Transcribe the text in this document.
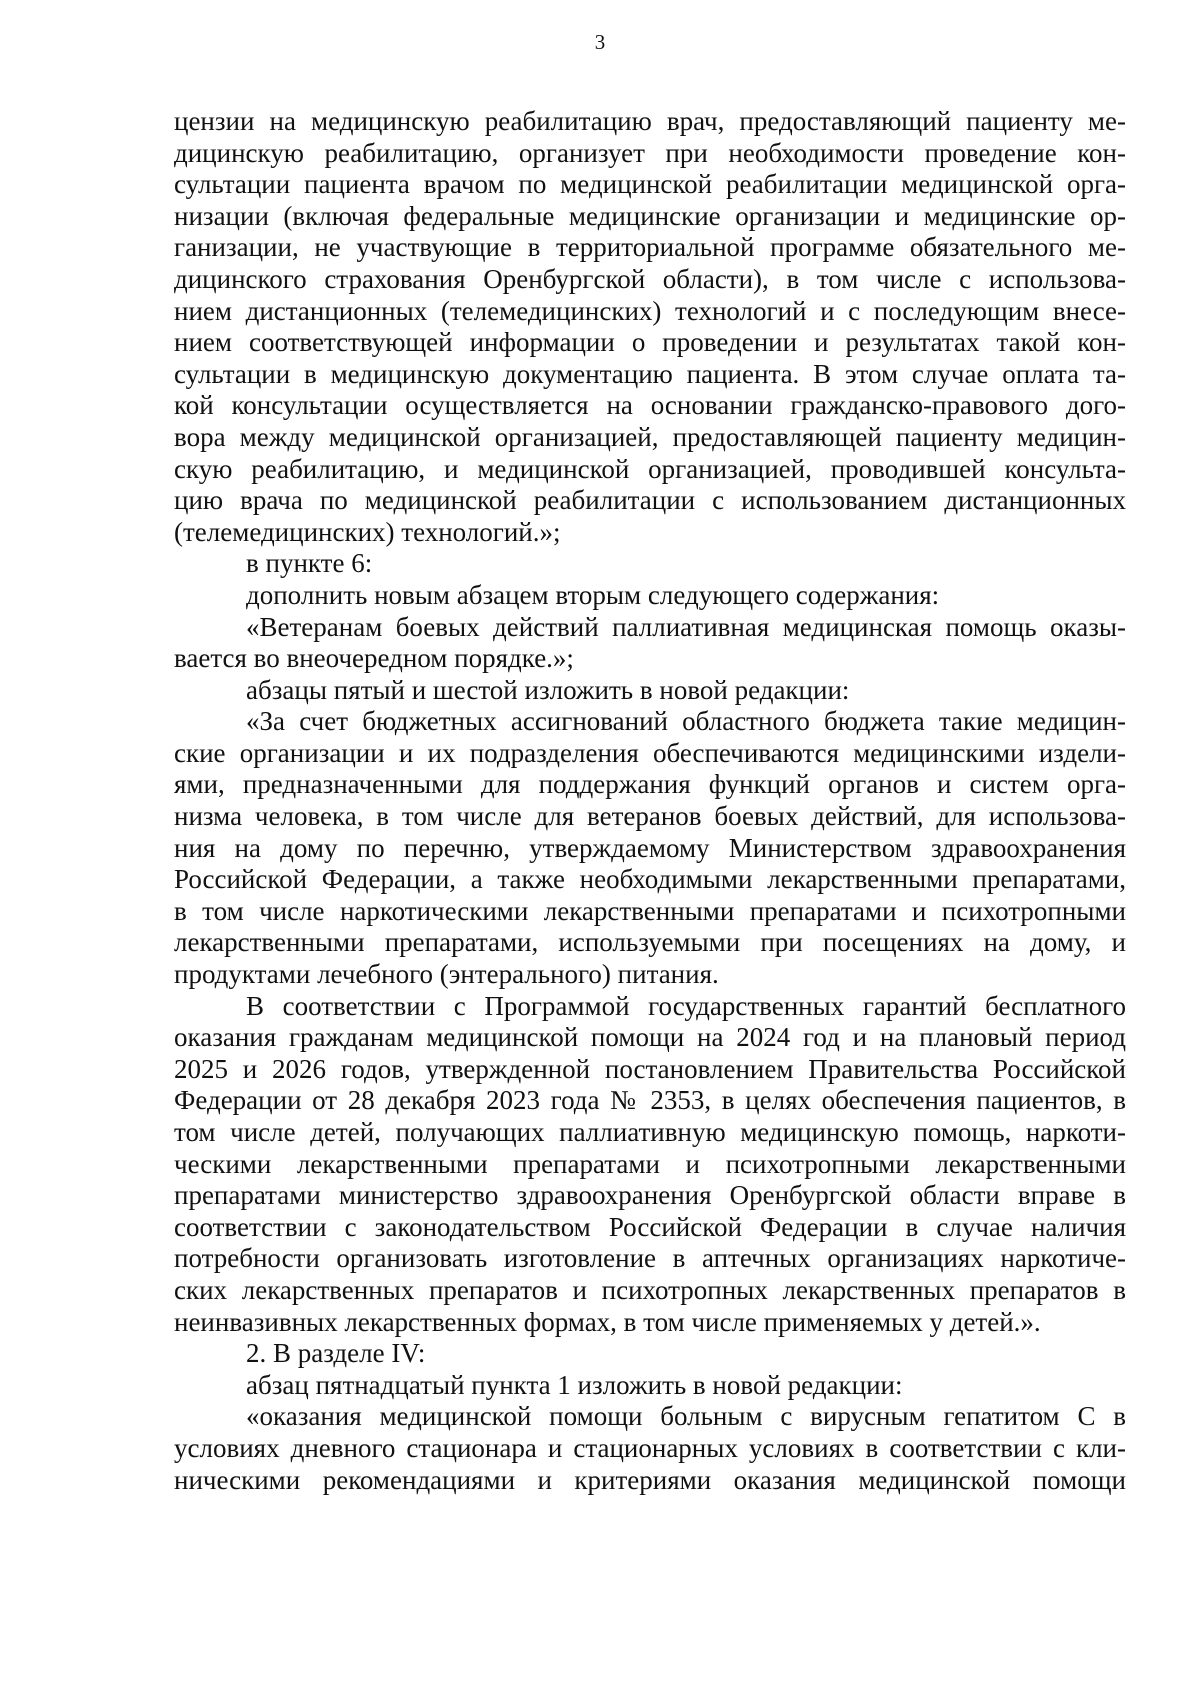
3
цензии на медицинскую реабилитацию врач, предоставляющий пациенту ме-
дицинскую реабилитацию, организует при необходимости проведение кон-
сультации пациента врачом по медицинской реабилитации медицинской орга-
низации (включая федеральные медицинские организации и медицинские ор-
ганизации, не участвующие в территориальной программе обязательного ме-
дицинского страхования Оренбургской области), в том числе с использова-
нием дистанционных (телемедицинских) технологий и с последующим внесе-
нием соответствующей информации о проведении и результатах такой кон-
сультации в медицинскую документацию пациента. В этом случае оплата та-
кой консультации осуществляется на основании гражданско-правового дого-
вора между медицинской организацией, предоставляющей пациенту медицин-
скую реабилитацию, и медицинской организацией, проводившей консульта-
цию врача по медицинской реабилитации с использованием дистанционных
(телемедицинских) технологий.»;
в пункте 6:
дополнить новым абзацем вторым следующего содержания:
«Ветеранам боевых действий паллиативная медицинская помощь оказы-
вается во внеочередном порядке.»;
абзацы пятый и шестой изложить в новой редакции:
«За счет бюджетных ассигнований областного бюджета такие медицин-
ские организации и их подразделения обеспечиваются медицинскими издели-
ями, предназначенными для поддержания функций органов и систем орга-
низма человека, в том числе для ветеранов боевых действий, для использова-
ния на дому по перечню, утверждаемому Министерством здравоохранения
Российской Федерации, а также необходимыми лекарственными препаратами,
в том числе наркотическими лекарственными препаратами и психотропными
лекарственными препаратами, используемыми при посещениях на дому, и
продуктами лечебного (энтерального) питания.
В соответствии с Программой государственных гарантий бесплатного
оказания гражданам медицинской помощи на 2024 год и на плановый период
2025 и 2026 годов, утвержденной постановлением Правительства Российской
Федерации от 28 декабря 2023 года № 2353, в целях обеспечения пациентов, в
том числе детей, получающих паллиативную медицинскую помощь, наркоти-
ческими лекарственными препаратами и психотропными лекарственными
препаратами министерство здравоохранения Оренбургской области вправе в
соответствии с законодательством Российской Федерации в случае наличия
потребности организовать изготовление в аптечных организациях наркотиче-
ских лекарственных препаратов и психотропных лекарственных препаратов в
неинвазивных лекарственных формах, в том числе применяемых у детей.».
2. В разделе IV:
абзац пятнадцатый пункта 1 изложить в новой редакции:
«оказания медицинской помощи больным с вирусным гепатитом С в
условиях дневного стационара и стационарных условиях в соответствии с кли-
ническими рекомендациями и критериями оказания медицинской помощи
